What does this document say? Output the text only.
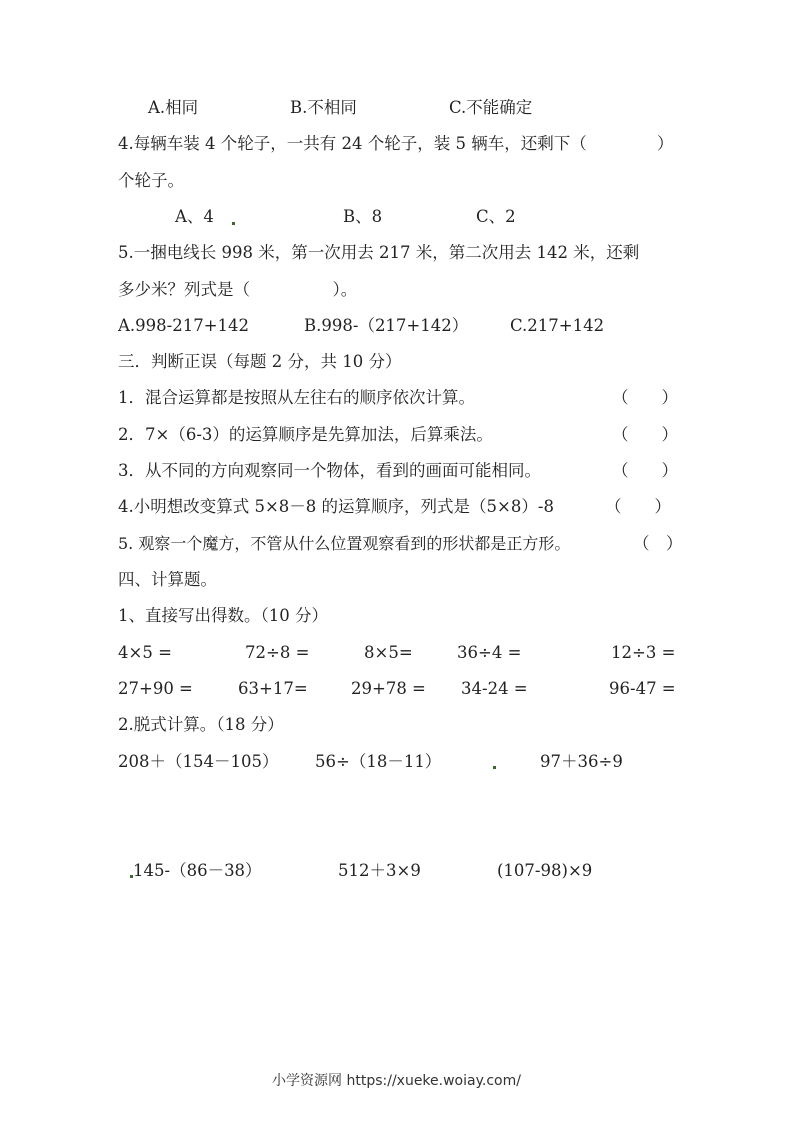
A.相同	B.不相同	C.不能确定
4.每辆车装 4 个轮子，一共有 24 个轮子，装 5 辆车，还剩下（	）
个轮子。
A、4	B、8	C、2
5.一捆电线长 998 米，第一次用去 217 米，第二次用去 142 米，还剩
多少米？列式是（　　　　　）。
A.998-217+142	B.998-（217+142）	C.217+142
三．判断正误（每题 2 分，共 10 分）
1．混合运算都是按照从左往右的顺序依次计算。	（　　）
2．7×（6-3）的运算顺序是先算加法，后算乘法。	（　　）
3．从不同的方向观察同一个物体，看到的画面可能相同。	（　　）
4.小明想改变算式 5×8－8 的运算顺序，列式是（5×8）-8	（　　）
5. 观察一个魔方，不管从什么位置观察看到的形状都是正方形。	（　）
四、计算题。
1、直接写出得数。（10 分）
4×5 =	72÷8 =	8×5=	36÷4 =	12÷3 =
27+90 =	63+17=	29+78 = 34-24 =	96-47 =
2.脱式计算。（18 分）
208＋（154－105） 56÷（18－11）	97＋36÷9
145-（86－38）	512＋3×9	(107-98)×9
小学资源网 https://xueke.woiay.com/
